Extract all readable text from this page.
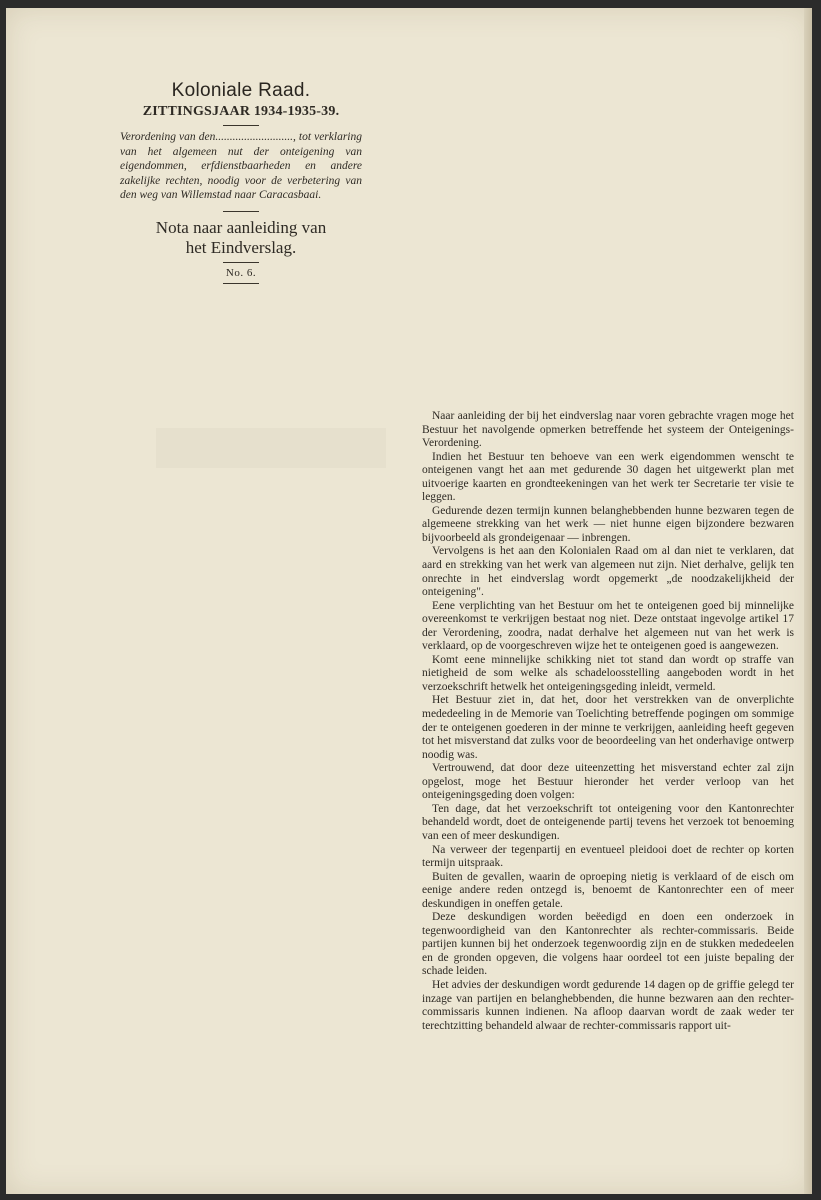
Koloniale Raad.
ZITTINGSJAAR 1934-1935-39.
Verordening van den..........................., tot verklaring van het algemeen nut der onteigening van eigendommen, erfdienstbaarheden en andere zakelijke rechten, noodig voor de verbetering van den weg van Willemstad naar Caracasbaai.
Nota naar aanleiding van
het Eindverslag.
No. 6.

Naar aanleiding der bij het eindverslag naar voren gebrachte vragen moge het Bestuur het navolgende opmerken betreffende het systeem der Onteigenings-Verordening.

Indien het Bestuur ten behoeve van een werk eigendommen wenscht te onteigenen vangt het aan met gedurende 30 dagen het uitgewerkt plan met uitvoerige kaarten en grondteekeningen van het werk ter Secretarie ter visie te leggen.

Gedurende dezen termijn kunnen belanghebbenden hunne bezwaren tegen de algemeene strekking van het werk — niet hunne eigen bijzondere bezwaren bijvoorbeeld als grondeigenaar — inbrengen.

Vervolgens is het aan den Kolonialen Raad om al dan niet te verklaren, dat aard en strekking van het werk van algemeen nut zijn. Niet derhalve, gelijk ten onrechte in het eindverslag wordt opgemerkt „de noodzakelijkheid der onteigening".

Eene verplichting van het Bestuur om het te onteigenen goed bij minnelijke overeenkomst te verkrijgen bestaat nog niet. Deze ontstaat ingevolge artikel 17 der Verordening, zoodra, nadat derhalve het algemeen nut van het werk is verklaard, op de voorgeschreven wijze het te onteigenen goed is aangewezen.

Komt eene minnelijke schikking niet tot stand dan wordt op straffe van nietigheid de som welke als schadeloosstelling aangeboden wordt in het verzoekschrift hetwelk het onteigeningsgeding inleidt, vermeld.

Het Bestuur ziet in, dat het, door het verstrekken van de onverplichte mededeeling in de Memorie van Toelichting betreffende pogingen om sommige der te onteigenen goederen in der minne te verkrijgen, aanleiding heeft gegeven tot het misverstand dat zulks voor de beoordeeling van het onderhavige ontwerp noodig was.

Vertrouwend, dat door deze uiteenzetting het misverstand echter zal zijn opgelost, moge het Bestuur hieronder het verder verloop van het onteigeningsgeding doen volgen:

Ten dage, dat het verzoekschrift tot onteigening voor den Kantonrechter behandeld wordt, doet de onteigenende partij tevens het verzoek tot benoeming van een of meer deskundigen.

Na verweer der tegenpartij en eventueel pleidooi doet de rechter op korten termijn uitspraak.

Buiten de gevallen, waarin de oproeping nietig is verklaard of de eisch om eenige andere reden ontzegd is, benoemt de Kantonrechter een of meer deskundigen in oneffen getale.

Deze deskundigen worden beëedigd en doen een onderzoek in tegenwoordigheid van den Kantonrechter als rechter-commissaris. Beide partijen kunnen bij het onderzoek tegenwoordig zijn en de stukken mededeelen en de gronden opgeven, die volgens haar oordeel tot een juiste bepaling der schade leiden.

Het advies der deskundigen wordt gedurende 14 dagen op de griffie gelegd ter inzage van partijen en belanghebbenden, die hunne bezwaren aan den rechter-commissaris kunnen indienen. Na afloop daarvan wordt de zaak weder ter terechtzitting behandeld alwaar de rechter-commissaris rapport uit-
